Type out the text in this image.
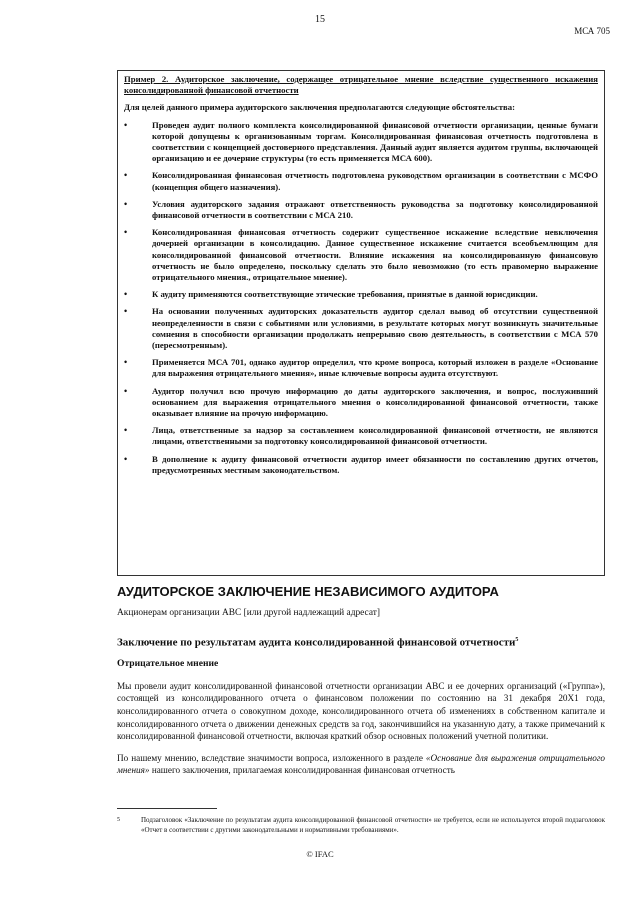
15
МСА 705
Пример 2. Аудиторское заключение, содержащее отрицательное мнение вследствие существенного искажения консолидированной финансовой отчетности
Для целей данного примера аудиторского заключения предполагаются следующие обстоятельства:
•	Проведен аудит полного комплекта консолидированной финансовой отчетности организации, ценные бумаги которой допущены к организованным торгам. Консолидированная финансовая отчетность подготовлена в соответствии с концепцией достоверного представления. Данный аудит является аудитом группы, включающей организацию и ее дочерние структуры (то есть применяется МСА 600).
•	Консолидированная финансовая отчетность подготовлена руководством организации в соответствии с МСФО (концепция общего назначения).
•	Условия аудиторского задания отражают ответственность руководства за подготовку консолидированной финансовой отчетности в соответствии с МСА 210.
•	Консолидированная финансовая отчетность содержит существенное искажение вследствие невключения дочерней организации в консолидацию. Данное существенное искажение считается всеобъемлющим для консолидированной финансовой отчетности. Влияние искажения на консолидированную финансовую отчетность не было определено, поскольку сделать это было невозможно (то есть правомерно выражение отрицательного мнения., отрицательное мнение).
•	К аудиту применяются соответствующие этические требования, принятые в данной юрисдикции.
•	На основании полученных аудиторских доказательств аудитор сделал вывод об отсутствии существенной неопределенности в связи с событиями или условиями, в результате которых могут возникнуть значительные сомнения в способности организации продолжать непрерывно свою деятельность, в соответствии с МСА 570 (пересмотренным).
•	Применяется МСА 701, однако аудитор определил, что кроме вопроса, который изложен в разделе «Основание для выражения отрицательного мнения», иные ключевые вопросы аудита отсутствуют.
•	Аудитор получил всю прочую информацию до даты аудиторского заключения, и вопрос, послуживший основанием для выражения отрицательного мнения о консолидированной финансовой отчетности, также оказывает влияние на прочую информацию.
•	Лица, ответственные за надзор за составлением консолидированной финансовой отчетности, не являются лицами, ответственными за подготовку консолидированной финансовой отчетности.
•	В дополнение к аудиту финансовой отчетности аудитор имеет обязанности по составлению других отчетов, предусмотренных местным законодательством.
АУДИТОРСКОЕ ЗАКЛЮЧЕНИЕ НЕЗАВИСИМОГО АУДИТОРА
Акционерам организации АВС [или другой надлежащий адресат]
Заключение по результатам аудита консолидированной финансовой отчетности$^5$
Отрицательное мнение

Мы провели аудит консолидированной финансовой отчетности организации АВС и ее дочерних организаций («Группа»), состоящей из консолидированного отчета о финансовом положении по состоянию на 31 декабря 20Х1 года, консолидированного отчета о совокупном доходе, консолидированного отчета об изменениях в собственном капитале и консолидированного отчета о движении денежных средств за год, закончившийся на указанную дату, а также примечаний к консолидированной финансовой отчетности, включая краткий обзор основных положений учетной политики.

По нашему мнению, вследствие значимости вопроса, изложенного в разделе «Основание для выражения отрицательного мнения» нашего заключения, прилагаемая консолидированная финансовая отчетность

5	Подзаголовок «Заключение по результатам аудита консолидированной финансовой отчетности» не требуется, если не используется второй подзаголовок «Отчет в соответствии с другими законодательными и нормативными требованиями».
© IFAC
